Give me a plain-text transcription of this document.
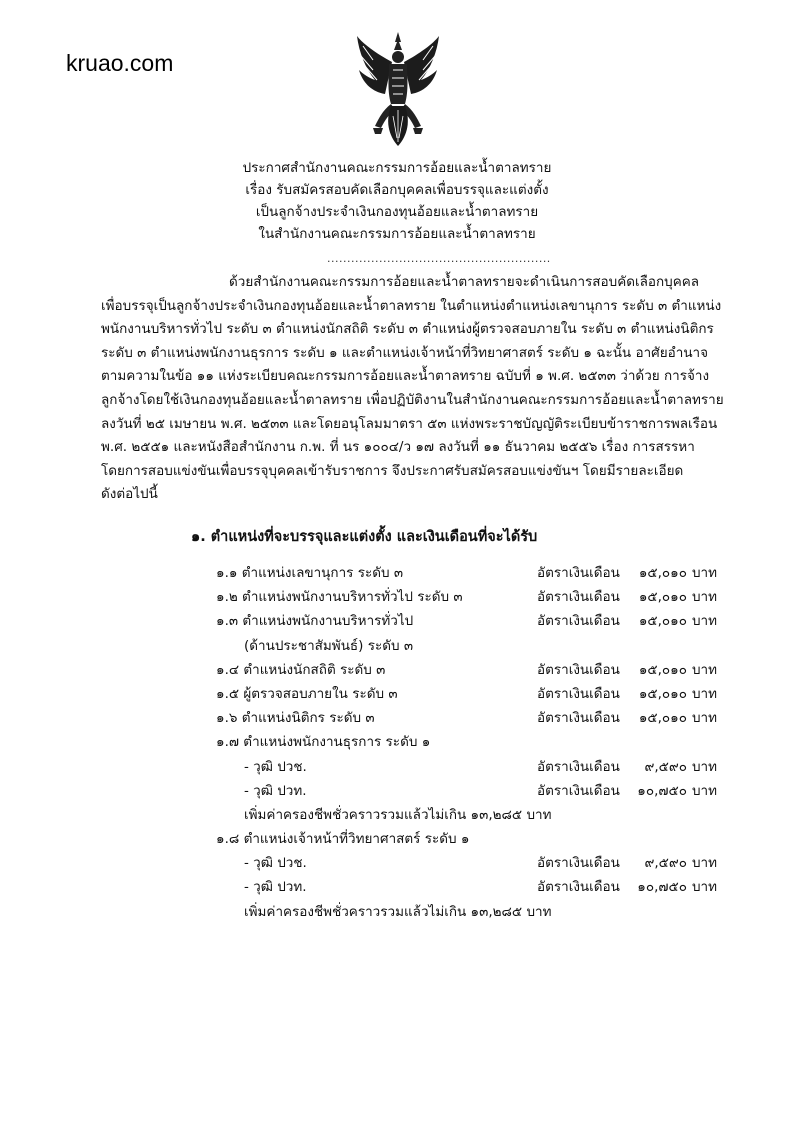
kruao.com
ประกาศสำนักงานคณะกรรมการอ้อยและน้ำตาลทราย
เรื่อง รับสมัครสอบคัดเลือกบุคคลเพื่อบรรจุและแต่งตั้ง
เป็นลูกจ้างประจำเงินกองทุนอ้อยและน้ำตาลทราย
ในสำนักงานคณะกรรมการอ้อยและน้ำตาลทราย
........................................................
ด้วยสำนักงานคณะกรรมการอ้อยและน้ำตาลทรายจะดำเนินการสอบคัดเลือกบุคคล
เพื่อบรรจุเป็นลูกจ้างประจำเงินกองทุนอ้อยและน้ำตาลทราย ในตำแหน่งตำแหน่งเลขานุการ ระดับ ๓ ตำแหน่ง
พนักงานบริหารทั่วไป ระดับ ๓ ตำแหน่งนักสถิติ ระดับ ๓ ตำแหน่งผู้ตรวจสอบภายใน ระดับ ๓ ตำแหน่งนิติกร
ระดับ ๓ ตำแหน่งพนักงานธุรการ ระดับ ๑ และตำแหน่งเจ้าหน้าที่วิทยาศาสตร์ ระดับ ๑ ฉะนั้น อาศัยอำนาจ
ตามความในข้อ ๑๑ แห่งระเบียบคณะกรรมการอ้อยและน้ำตาลทราย ฉบับที่ ๑ พ.ศ. ๒๕๓๓ ว่าด้วย การจ้าง
ลูกจ้างโดยใช้เงินกองทุนอ้อยและน้ำตาลทราย เพื่อปฏิบัติงานในสำนักงานคณะกรรมการอ้อยและน้ำตาลทราย
ลงวันที่ ๒๕ เมษายน พ.ศ. ๒๕๓๓ และโดยอนุโลมมาตรา ๕๓ แห่งพระราชบัญญัติระเบียบข้าราชการพลเรือน
พ.ศ. ๒๕๕๑ และหนังสือสำนักงาน ก.พ. ที่ นร ๑๐๐๔/ว ๑๗ ลงวันที่ ๑๑ ธันวาคม ๒๕๕๖ เรื่อง การสรรหา
โดยการสอบแข่งขันเพื่อบรรจุบุคคลเข้ารับราชการ จึงประกาศรับสมัครสอบแข่งขันฯ โดยมีรายละเอียด
ดังต่อไปนี้
๑. ตำแหน่งที่จะบรรจุและแต่งตั้ง และเงินเดือนที่จะได้รับ
๑.๑ ตำแหน่งเลขานุการ ระดับ ๓	อัตราเงินเดือน ๑๕,๐๑๐ บาท
๑.๒ ตำแหน่งพนักงานบริหารทั่วไป ระดับ ๓	อัตราเงินเดือน ๑๕,๐๑๐ บาท
๑.๓ ตำแหน่งพนักงานบริหารทั่วไป	อัตราเงินเดือน ๑๕,๐๑๐ บาท
(ด้านประชาสัมพันธ์) ระดับ ๓
๑.๔ ตำแหน่งนักสถิติ ระดับ ๓	อัตราเงินเดือน ๑๕,๐๑๐ บาท
๑.๕ ผู้ตรวจสอบภายใน ระดับ ๓	อัตราเงินเดือน ๑๕,๐๑๐ บาท
๑.๖ ตำแหน่งนิติกร ระดับ ๓	อัตราเงินเดือน ๑๕,๐๑๐ บาท
๑.๗ ตำแหน่งพนักงานธุรการ ระดับ ๑
- วุฒิ ปวช.	อัตราเงินเดือน ๙,๕๙๐ บาท
- วุฒิ ปวท.	อัตราเงินเดือน ๑๐,๗๕๐ บาท
เพิ่มค่าครองชีพชั่วคราวรวมแล้วไม่เกิน ๑๓,๒๘๕ บาท
๑.๘ ตำแหน่งเจ้าหน้าที่วิทยาศาสตร์ ระดับ ๑
- วุฒิ ปวช.	อัตราเงินเดือน ๙,๕๙๐ บาท
- วุฒิ ปวท.	อัตราเงินเดือน ๑๐,๗๕๐ บาท
เพิ่มค่าครองชีพชั่วคราวรวมแล้วไม่เกิน ๑๓,๒๘๕ บาท
